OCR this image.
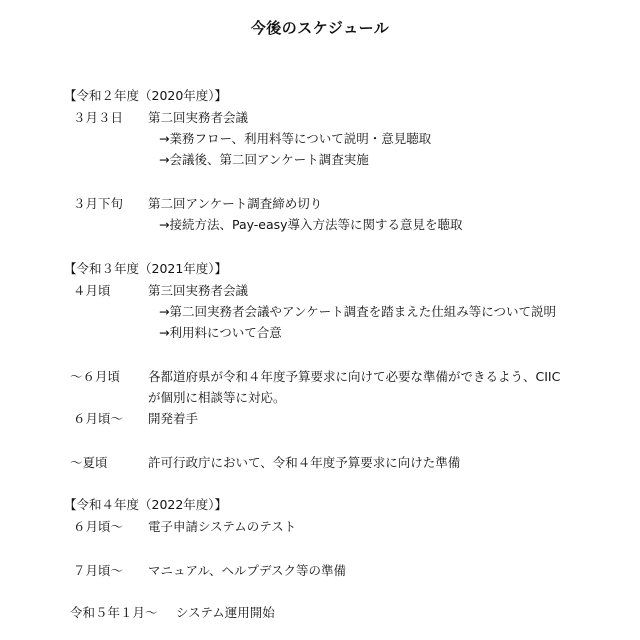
今後のスケジュール
【令和２年度（2020年度）】
３月３日 第二回実務者会議
→業務フロー、利用料等について説明・意見聴取
→会議後、第二回アンケート調査実施
３月下旬 第二回アンケート調査締め切り
→接続方法、Pay-easy導入方法等に関する意見を聴取
【令和３年度（2021年度）】
４月頃	第三回実務者会議
→第二回実務者会議やアンケート調査を踏まえた仕組み等について説明
→利用料について合意
～６月頃 各都道府県が令和４年度予算要求に向けて必要な準備ができるよう、CIIC
が個別に相談等に対応。
６月頃～ 開発着手
～夏頃	許可行政庁において、令和４年度予算要求に向けた準備
【令和４年度（2022年度）】
６月頃～ 電子申請システムのテスト
７月頃～ マニュアル、ヘルプデスク等の準備
令和５年１月～ システム運用開始
